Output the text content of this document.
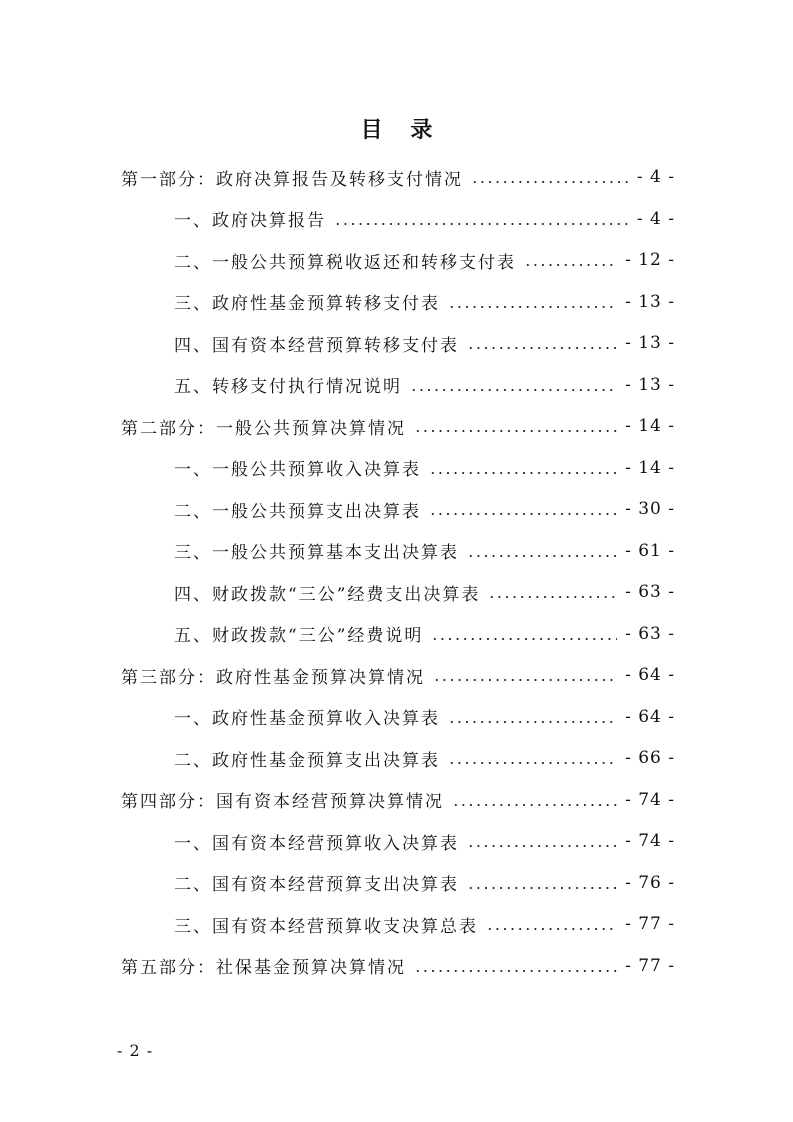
目 录
第一部分：政府决算报告及转移支付情况	- 4 -
一、政府决算报告	- 4 -
二、一般公共预算税收返还和转移支付表	- 12 -
三、政府性基金预算转移支付表	- 13 -
四、国有资本经营预算转移支付表	- 13 -
五、转移支付执行情况说明	- 13 -
第二部分：一般公共预算决算情况	- 14 -
一、一般公共预算收入决算表	- 14 -
二、一般公共预算支出决算表	- 30 -
三、一般公共预算基本支出决算表	- 61 -
四、财政拨款“三公”经费支出决算表	- 63 -
五、财政拨款“三公”经费说明	- 63 -
第三部分：政府性基金预算决算情况	- 64 -
一、政府性基金预算收入决算表	- 64 -
二、政府性基金预算支出决算表	- 66 -
第四部分：国有资本经营预算决算情况	- 74 -
一、国有资本经营预算收入决算表	- 74 -
二、国有资本经营预算支出决算表	- 76 -
三、国有资本经营预算收支决算总表	- 77 -
第五部分：社保基金预算决算情况	- 77 -
- 2 -
